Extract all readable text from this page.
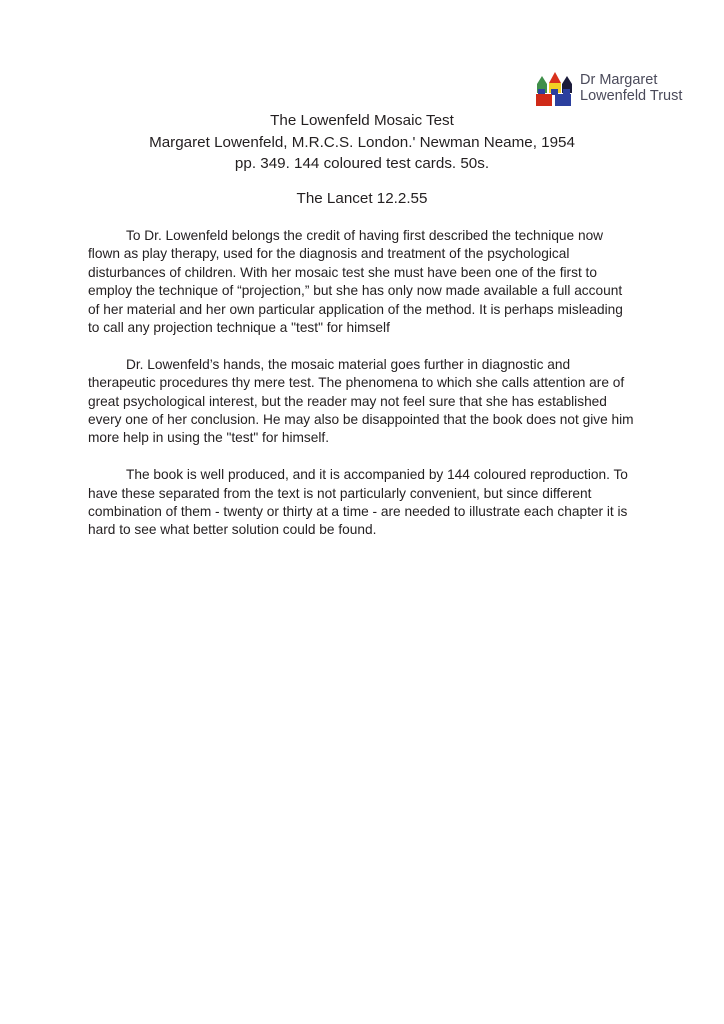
Dr Margaret
Lowenfeld Trust
The Lowenfeld Mosaic Test
Margaret Lowenfeld, M.R.C.S. London.' Newman Neame, 1954
pp. 349. 144 coloured test cards. 50s.
The Lancet 12.2.55

To Dr. Lowenfeld belongs the credit of having first described the technique now flown as play therapy, used for the diagnosis and treatment of the psychological disturbances of children. With her mosaic test she must have been one of the first to employ the technique of “projection,” but she has only now made available a full account of her material and her own particular application of the method. It is perhaps misleading to call any projection technique a "test" for himself

Dr. Lowenfeld’s hands, the mosaic material goes further in diagnostic and therapeutic procedures thy mere test. The phenomena to which she calls attention are of great psychological interest, but the reader may not feel sure that she has established every one of her conclusion. He may also be disappointed that the book does not give him more help in using the "test" for himself.

The book is well produced, and it is accompanied by 144 coloured reproduction. To have these separated from the text is not particularly convenient, but since different combination of them - twenty or thirty at a time - are needed to illustrate each chapter it is hard to see what better solution could be found.
